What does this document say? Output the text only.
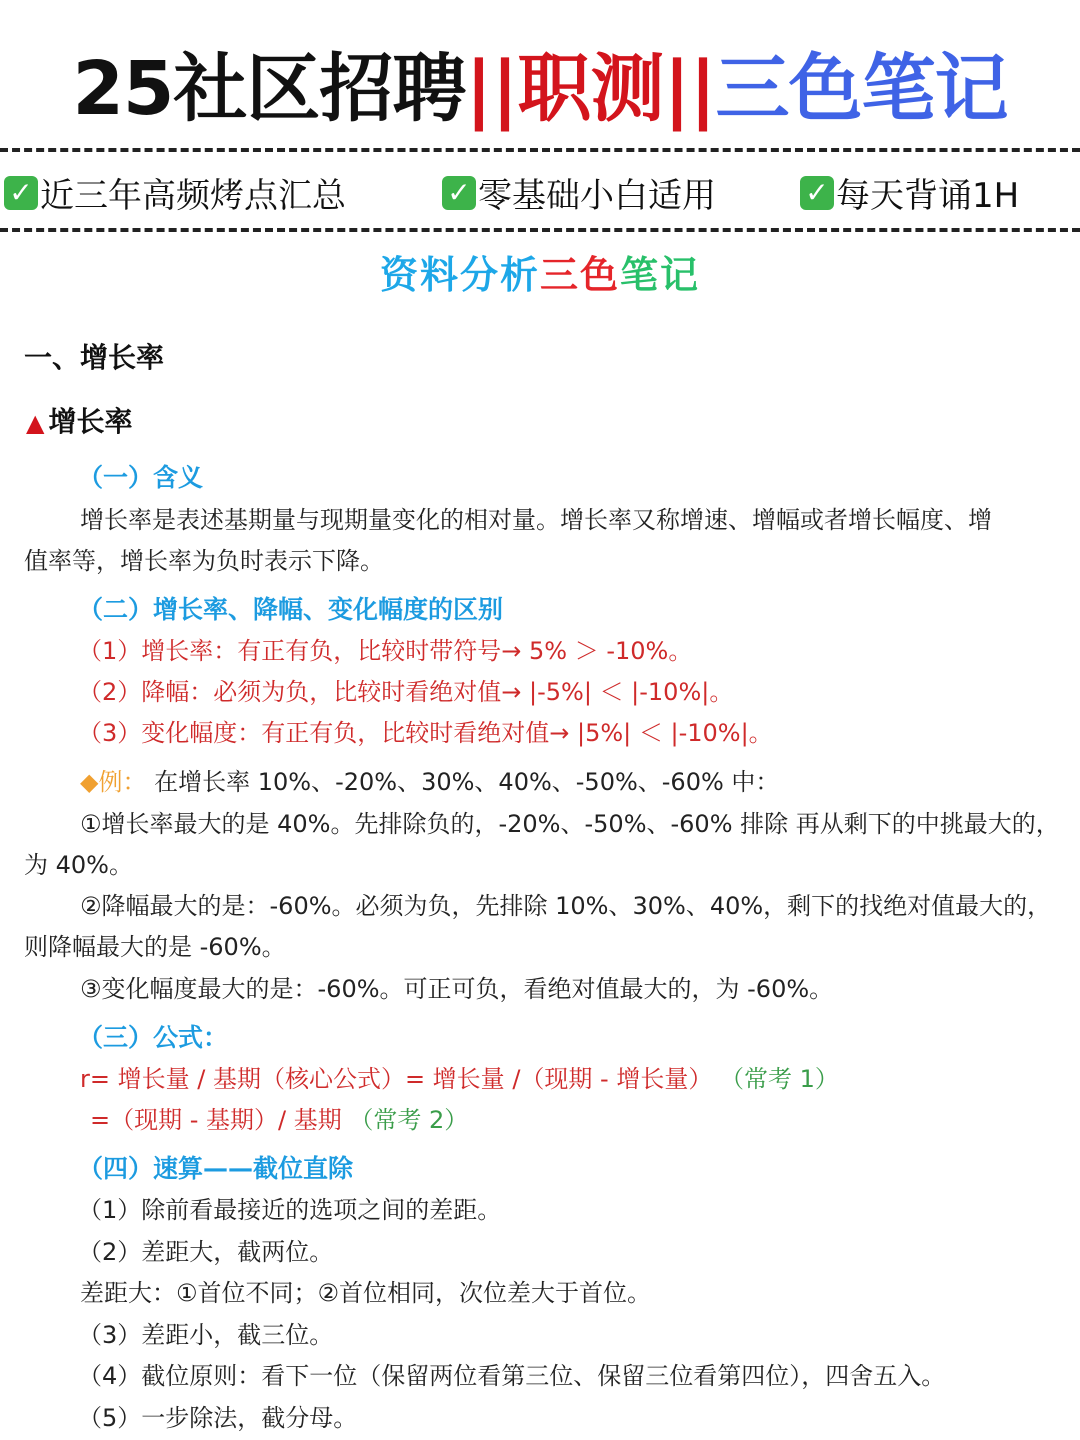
25社区招聘||职测||三色笔记
✓ 近三年高频烤点汇总	✓ 零基础小白适用	✓ 每天背诵1H
资料分析三色笔记
一、增长率
▲ 增长率
（一）含义
增长率是表述基期量与现期量变化的相对量。增长率又称增速、增幅或者增长幅度、增
值率等，增长率为负时表示下降。
（二）增长率、降幅、变化幅度的区别
（1）增长率：有正有负，比较时带符号→ 5% ＞ -10%。
（2）降幅：必须为负，比较时看绝对值→ |-5%| ＜ |-10%|。
（3）变化幅度：有正有负，比较时看绝对值→ |5%| ＜ |-10%|。
◆例： 在增长率 10%、-20%、30%、40%、-50%、-60% 中：
①增长率最大的是 40%。先排除负的，-20%、-50%、-60% 排除 再从剩下的中挑最大的，
为 40%。
②降幅最大的是：-60%。必须为负，先排除 10%、30%、40%，剩下的找绝对值最大的，
则降幅最大的是 -60%。
③变化幅度最大的是：-60%。可正可负，看绝对值最大的，为 -60%。
（三）公式：
r= 增长量 / 基期（核心公式）= 增长量 /（现期 - 增长量） （常考 1）
=（现期 - 基期）/ 基期 （常考 2）
（四）速算——截位直除
（1）除前看最接近的选项之间的差距。
（2）差距大，截两位。
差距大：①首位不同；②首位相同，次位差大于首位。
（3）差距小，截三位。
（4）截位原则：看下一位（保留两位看第三位、保留三位看第四位），四舍五入。
（5）一步除法，截分母。
